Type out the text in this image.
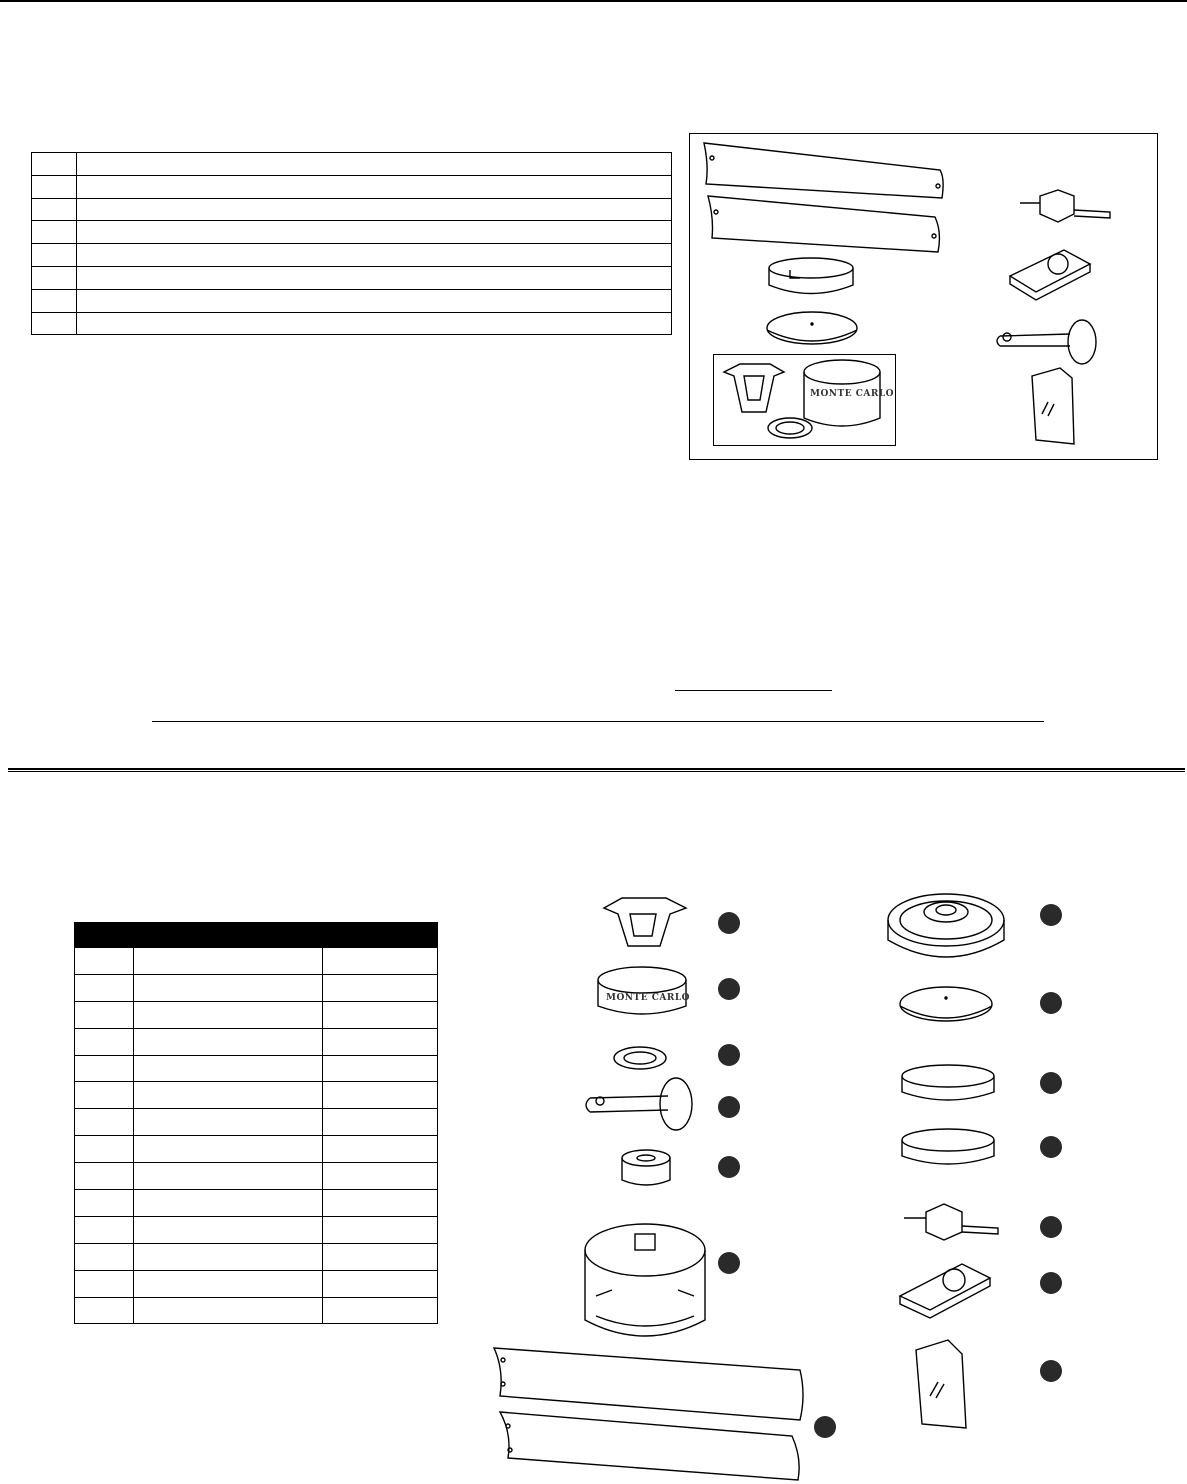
MONTE CARLO

MONTE CARLO
